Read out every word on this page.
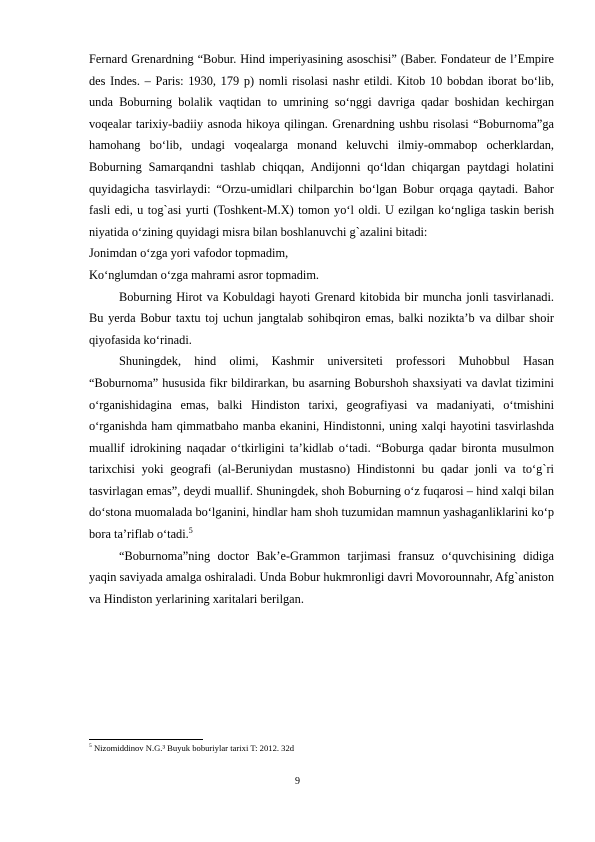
Fernard Grenardning “Bobur. Hind imperiyasining asoschisi” (Baber. Fondateur de l’Empire des Indes. – Paris: 1930, 179 p) nomli risolasi nashr etildi. Kitob 10 bobdan iborat bo‘lib, unda Boburning bolalik vaqtidan to umrining so‘nggi davriga qadar boshidan kechirgan voqealar tarixiy-badiiy asnoda hikoya qilingan. Grenardning ushbu risolasi “Boburnoma”ga hamohang bo‘lib, undagi voqealarga monand keluvchi ilmiy-ommabop ocherklardan, Boburning Samarqandni tashlab chiqqan, Andijonni qo‘ldan chiqargan paytdagi holatini quyidagicha tasvirlaydi: “Orzu-umidlari chilparchin bo‘lgan Bobur orqaga qaytadi. Bahor fasli edi, u tog`asi yurti (Toshkent-M.X) tomon yo‘l oldi. U ezilgan ko‘ngliga taskin berish niyatida o‘zining quyidagi misra bilan boshlanuvchi g`azalini bitadi:

Jonimdan o‘zga yori vafodor topmadim,

Ko‘nglumdan o‘zga mahrami asror topmadim.

Boburning Hirot va Kobuldagi hayoti Grenard kitobida bir muncha jonli tasvirlanadi. Bu yerda Bobur taxtu toj uchun jangtalab sohibqiron emas, balki nozikta’b va dilbar shoir qiyofasida ko‘rinadi.

Shuningdek, hind olimi, Kashmir universiteti professori Muhobbul Hasan “Boburnoma” hususida fikr bildirarkan, bu asarning Boburshoh shaxsiyati va davlat tizimini o‘rganishidagina emas, balki Hindiston tarixi, geografiyasi va madaniyati, o‘tmishini o‘rganishda ham qimmatbaho manba ekanini, Hindistonni, uning xalqi hayotini tasvirlashda muallif idrokining naqadar o‘tkirligini ta’kidlab o‘tadi. “Boburga qadar bironta musulmon tarixchisi yoki geografi (al-Beruniydan mustasno) Hindistonni bu qadar jonli va to‘g`ri tasvirlagan emas”, deydi muallif. Shuningdek, shoh Boburning o‘z fuqarosi – hind xalqi bilan do‘stona muomalada bo‘lganini, hindlar ham shoh tuzumidan mamnun yashaganliklarini ko‘p bora ta’riflab o‘tadi.$^5$

“Boburnoma”ning doctor Bak’e-Grammon tarjimasi fransuz o‘quvchisining didiga yaqin saviyada amalga oshiraladi. Unda Bobur hukmronligi davri Movorounnahr, Afg`aniston va Hindiston yerlarining xaritalari berilgan.

$^5$ Nizomiddinov N.G.³ Buyuk boburiylar tarixi T: 2012. 32d
9
